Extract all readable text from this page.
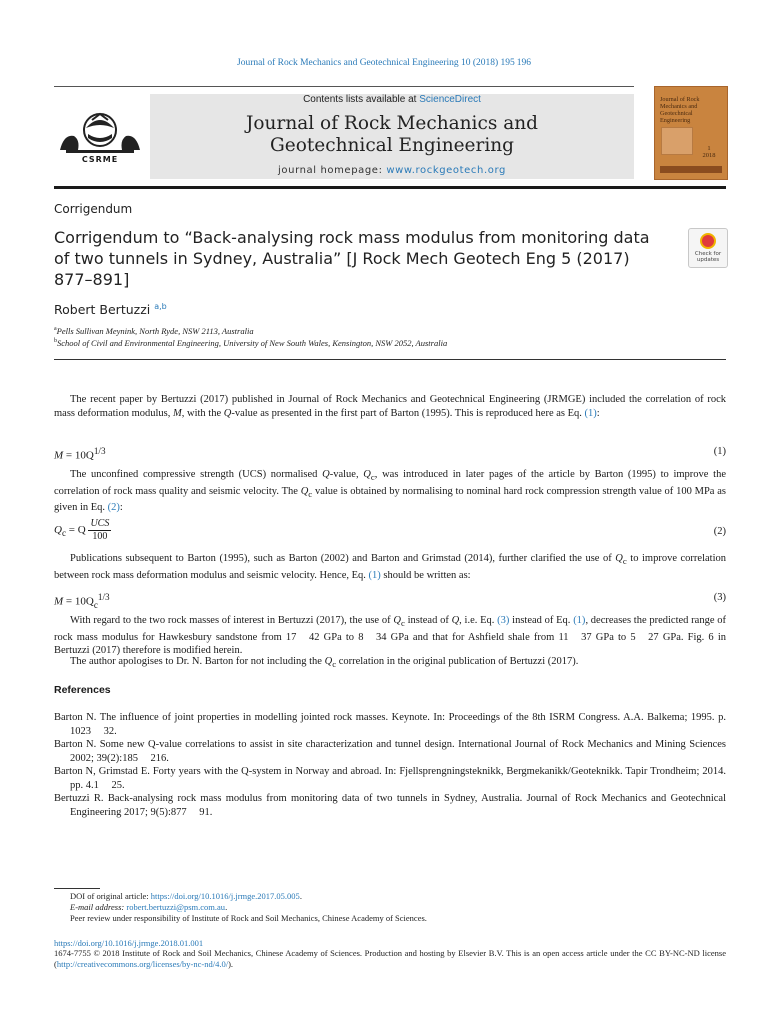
Journal of Rock Mechanics and Geotechnical Engineering 10 (2018) 195 196
CSRME
Contents lists available at ScienceDirect
Journal of Rock Mechanics and
Geotechnical Engineering
journal homepage: www.rockgeotech.org
Journal of Rock Mechanics and Geotechnical Engineering
1
2018
Corrigendum
Corrigendum to “Back-analysing rock mass modulus from monitoring data of two tunnels in Sydney, Australia” [J Rock Mech Geotech Eng 5 (2017) 877–891]
Check for updates
Robert Bertuzzi $^{a,b}$
$^a$Pells Sullivan Meynink, North Ryde, NSW 2113, Australia
$^b$School of Civil and Environmental Engineering, University of New South Wales, Kensington, NSW 2052, Australia
The recent paper by Bertuzzi (2017) published in Journal of Rock Mechanics and Geotechnical Engineering (JRMGE) included the correlation of rock mass deformation modulus, M, with the Q-value as presented in the first part of Barton (1995). This is reproduced here as Eq. (1):
$M = 10Q^{1/3}$	(1)
The unconfined compressive strength (UCS) normalised Q-value, $Q_c$, was introduced in later pages of the article by Barton (1995) to improve the correlation of rock mass quality and seismic velocity. The $Q_c$ value is obtained by normalising to nominal hard rock compression strength value of 100 MPa as given in Eq. (2):
$Q_c = Q \frac{\text{UCS}}{100}$	(2)
Publications subsequent to Barton (1995), such as Barton (2002) and Barton and Grimstad (2014), further clarified the use of $Q_c$ to improve correlation between rock mass deformation modulus and seismic velocity. Hence, Eq. (1) should be written as:
$M = 10Q_c^{1/3}$	(3)
With regard to the two rock masses of interest in Bertuzzi (2017), the use of $Q_c$ instead of Q, i.e. Eq. (3) instead of Eq. (1), decreases the predicted range of rock mass modulus for Hawkesbury sandstone from 17  42 GPa to 8  34 GPa and that for Ashfield shale from 11  37 GPa to 5  27 GPa. Fig. 6 in Bertuzzi (2017) therefore is modified herein.
The author apologises to Dr. N. Barton for not including the $Q_c$ correlation in the original publication of Bertuzzi (2017).
References
Barton N. The influence of joint properties in modelling jointed rock masses. Keynote. In: Proceedings of the 8th ISRM Congress. A.A. Balkema; 1995. p. 1023  32.
Barton N. Some new Q-value correlations to assist in site characterization and tunnel design. International Journal of Rock Mechanics and Mining Sciences 2002; 39(2):185  216.
Barton N, Grimstad E. Forty years with the Q-system in Norway and abroad. In: Fjellsprengningsteknikk, Bergmekanikk/Geoteknikk. Tapir Trondheim; 2014. pp. 4.1  25.
Bertuzzi R. Back-analysing rock mass modulus from monitoring data of two tunnels in Sydney, Australia. Journal of Rock Mechanics and Geotechnical Engineering 2017; 9(5):877  91.
DOI of original article: https://doi.org/10.1016/j.jrmge.2017.05.005.
E-mail address: robert.bertuzzi@psm.com.au.
Peer review under responsibility of Institute of Rock and Soil Mechanics, Chinese Academy of Sciences.
https://doi.org/10.1016/j.jrmge.2018.01.001
1674-7755 © 2018 Institute of Rock and Soil Mechanics, Chinese Academy of Sciences. Production and hosting by Elsevier B.V. This is an open access article under the CC BY-NC-ND license (http://creativecommons.org/licenses/by-nc-nd/4.0/).
